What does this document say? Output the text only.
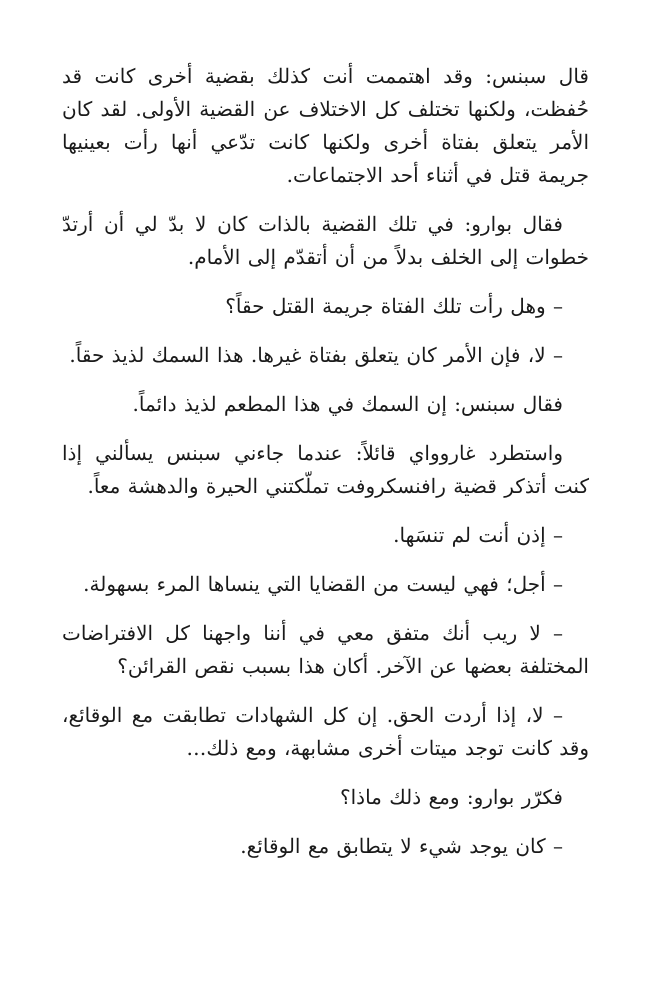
قال سبنس: وقد اهتممت أنت كذلك بقضية أخرى كانت قد حُفظت، ولكنها تختلف كل الاختلاف عن القضية الأولى. لقد كان الأمر يتعلق بفتاة أخرى ولكنها كانت تدّعي أنها رأت بعينيها جريمة قتل في أثناء أحد الاجتماعات.

فقال بوارو: في تلك القضية بالذات كان لا بدّ لي أن أرتدّ خطوات إلى الخلف بدلاً من أن أتقدّم إلى الأمام.

– وهل رأت تلك الفتاة جريمة القتل حقاً؟

– لا، فإن الأمر كان يتعلق بفتاة غيرها. هذا السمك لذيذ حقاً.

فقال سبنس: إن السمك في هذا المطعم لذيذ دائماً.

واستطرد غاروواي قائلاً: عندما جاءني سبنس يسألني إذا كنت أتذكر قضية رافنسكروفت تملّكتني الحيرة والدهشة معاً.

– إذن أنت لم تنسَها.

– أجل؛ فهي ليست من القضايا التي ينساها المرء بسهولة.

– لا ريب أنك متفق معي في أننا واجهنا كل الافتراضات المختلفة بعضها عن الآخر. أكان هذا بسبب نقص القرائن؟

– لا، إذا أردت الحق. إن كل الشهادات تطابقت مع الوقائع، وقد كانت توجد ميتات أخرى مشابهة، ومع ذلك…

فكرّر بوارو: ومع ذلك ماذا؟

– كان يوجد شيء لا يتطابق مع الوقائع.
